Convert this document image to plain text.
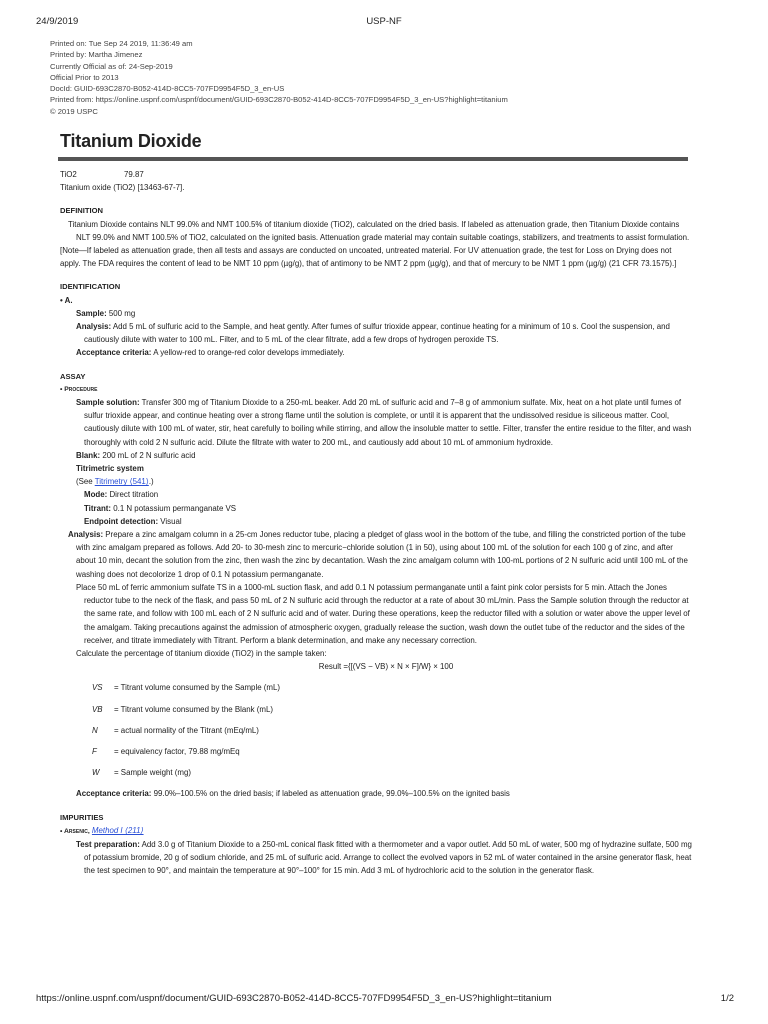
24/9/2019	USP-NF
Printed on: Tue Sep 24 2019, 11:36:49 am
Printed by: Martha Jimenez
Currently Official as of: 24-Sep-2019
Official Prior to 2013
DocId: GUID-693C2870-B052-414D-8CC5-707FD9954F5D_3_en-US
Printed from: https://online.uspnf.com/uspnf/document/GUID-693C2870-B052-414D-8CC5-707FD9954F5D_3_en-US?highlight=titanium
© 2019 USPC
Titanium Dioxide
TiO2	79.87

Titanium oxide (TiO2) [13463-67-7].

DEFINITION

Titanium Dioxide contains NLT 99.0% and NMT 100.5% of titanium dioxide (TiO2), calculated on the dried basis. If labeled as attenuation grade, then Titanium Dioxide contains NLT 99.0% and NMT 100.5% of TiO2, calculated on the ignited basis. Attenuation grade material may contain suitable coatings, stabilizers, and treatments to assist formulation.

[Note—If labeled as attenuation grade, then all tests and assays are conducted on uncoated, untreated material. For UV attenuation grade, the test for Loss on Drying does not apply. The FDA requires the content of lead to be NMT 10 ppm (µg/g), that of antimony to be NMT 2 ppm (µg/g), and that of mercury to be NMT 1 ppm (µg/g) (21 CFR 73.1575).]

IDENTIFICATION

• A.

Sample: 500 mg

Analysis: Add 5 mL of sulfuric acid to the Sample, and heat gently. After fumes of sulfur trioxide appear, continue heating for a minimum of 10 s. Cool the suspension, and cautiously dilute with water to 100 mL. Filter, and to 5 mL of the clear filtrate, add a few drops of hydrogen peroxide TS.

Acceptance criteria: A yellow-red to orange-red color develops immediately.

ASSAY

• Procedure

Sample solution: Transfer 300 mg of Titanium Dioxide to a 250-mL beaker. Add 20 mL of sulfuric acid and 7–8 g of ammonium sulfate. Mix, heat on a hot plate until fumes of sulfur trioxide appear, and continue heating over a strong flame until the solution is complete, or until it is apparent that the undissolved residue is siliceous matter. Cool, cautiously dilute with 100 mL of water, stir, heat carefully to boiling while stirring, and allow the insoluble matter to settle. Filter, transfer the entire residue to the filter, and wash thoroughly with cold 2 N sulfuric acid. Dilute the filtrate with water to 200 mL, and cautiously add about 10 mL of ammonium hydroxide.

Blank: 200 mL of 2 N sulfuric acid

Titrimetric system

(See Titrimetry ⟨541⟩.)

Mode: Direct titration

Titrant: 0.1 N potassium permanganate VS

Endpoint detection: Visual

Analysis: Prepare a zinc amalgam column in a 25-cm Jones reductor tube, placing a pledget of glass wool in the bottom of the tube, and filling the constricted portion of the tube with zinc amalgam prepared as follows. Add 20- to 30-mesh zinc to mercuric−chloride solution (1 in 50), using about 100 mL of the solution for each 100 g of zinc, and after about 10 min, decant the solution from the zinc, then wash the zinc by decantation. Wash the zinc amalgam column with 100-mL portions of 2 N sulfuric acid until 100 mL of the washing does not decolorize 1 drop of 0.1 N potassium permanganate.

Place 50 mL of ferric ammonium sulfate TS in a 1000-mL suction flask, and add 0.1 N potassium permanganate until a faint pink color persists for 5 min. Attach the Jones reductor tube to the neck of the flask, and pass 50 mL of 2 N sulfuric acid through the reductor at a rate of about 30 mL/min. Pass the Sample solution through the reductor at the same rate, and follow with 100 mL each of 2 N sulfuric acid and of water. During these operations, keep the reductor filled with a solution or water above the upper level of the amalgam. Taking precautions against the admission of atmospheric oxygen, gradually release the suction, wash down the outlet tube of the reductor and the sides of the receiver, and titrate immediately with Titrant. Perform a blank determination, and make any necessary correction.

Calculate the percentage of titanium dioxide (TiO2) in the sample taken:

Result ={[(VS − VB) × N × F]/W} × 100

VS	= Titrant volume consumed by the Sample (mL)
VB	= Titrant volume consumed by the Blank (mL)
N	= actual normality of the Titrant (mEq/mL)
F	= equivalency factor, 79.88 mg/mEq
W	= Sample weight (mg)

Acceptance criteria: 99.0%–100.5% on the dried basis; if labeled as attenuation grade, 99.0%–100.5% on the ignited basis

IMPURITIES

• Arsenic, Method I ⟨211⟩

Test preparation: Add 3.0 g of Titanium Dioxide to a 250-mL conical flask fitted with a thermometer and a vapor outlet. Add 50 mL of water, 500 mg of hydrazine sulfate, 500 mg of potassium bromide, 20 g of sodium chloride, and 25 mL of sulfuric acid. Arrange to collect the evolved vapors in 52 mL of water contained in the arsine generator flask, heat the test specimen to 90°, and maintain the temperature at 90°–100° for 15 min. Add 3 mL of hydrochloric acid to the solution in the generator flask.

https://online.uspnf.com/uspnf/document/GUID-693C2870-B052-414D-8CC5-707FD9954F5D_3_en-US?highlight=titanium	1/2
